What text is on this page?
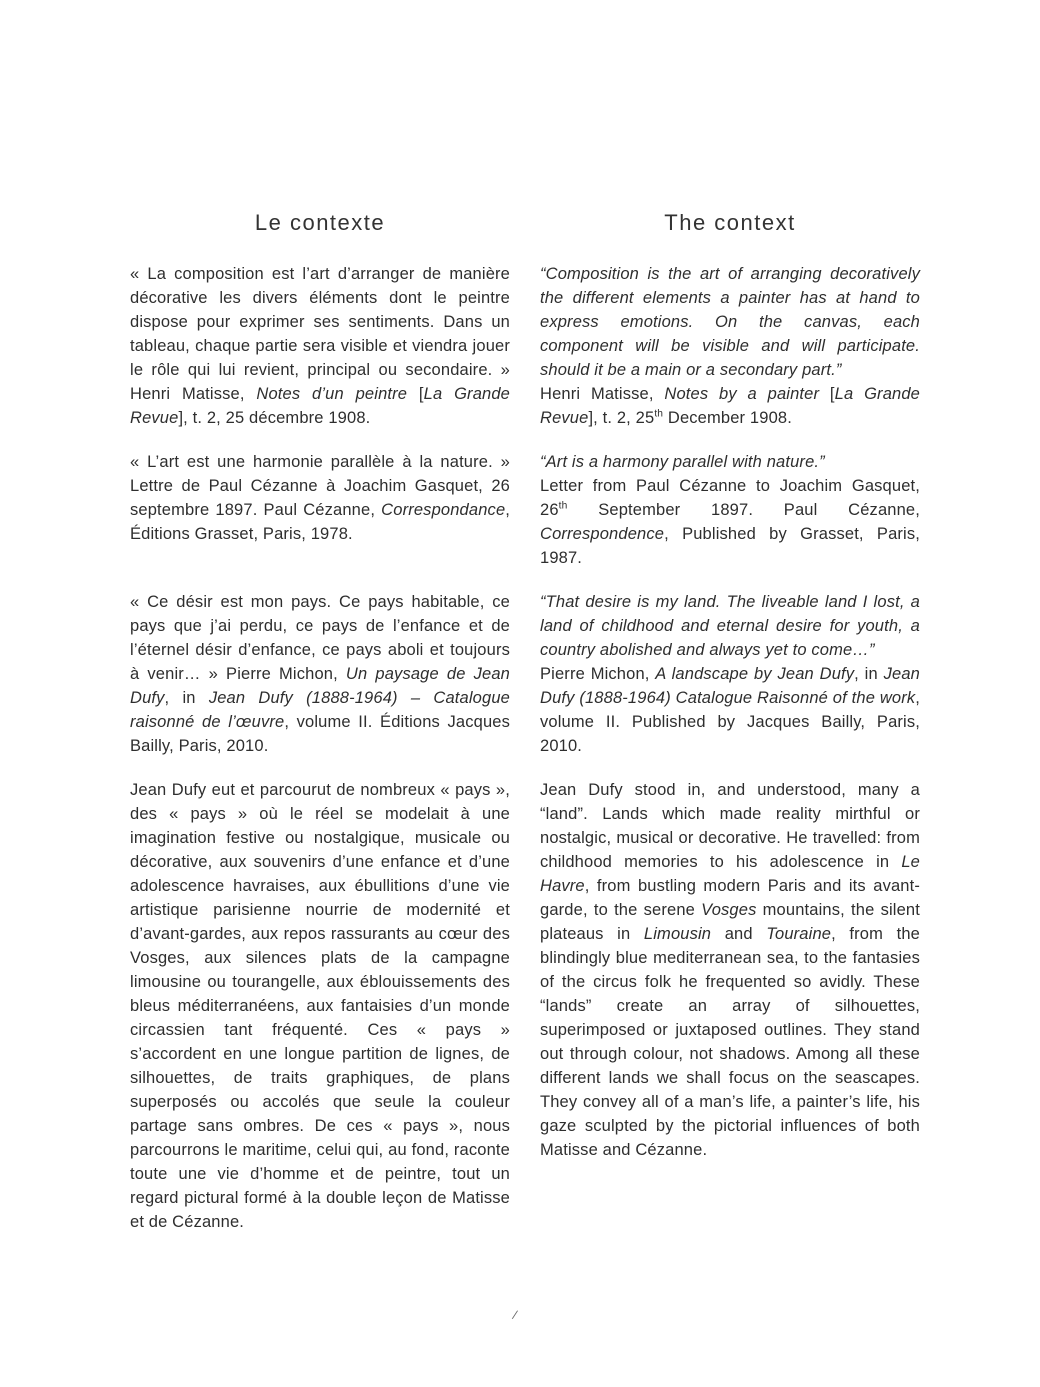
Le contexte	The context

« La composition est l’art d’arranger de manière décorative les divers éléments dont le peintre dispose pour exprimer ses sentiments. Dans un tableau, chaque partie sera visible et viendra jouer le rôle qui lui revient, principal ou secondaire. » Henri Matisse, Notes d’un peintre [La Grande Revue], t. 2, 25 décembre 1908.

“Composition is the art of arranging decoratively the different elements a painter has at hand to express emotions. On the canvas, each component will be visible and will participate. should it be a main or a secondary part.”
Henri Matisse, Notes by a painter [La Grande Revue], t. 2, 25th December 1908.

« L’art est une harmonie parallèle à la nature. » Lettre de Paul Cézanne à Joachim Gasquet, 26 septembre 1897. Paul Cézanne, Correspondance, Éditions Grasset, Paris, 1978.

“Art is a harmony parallel with nature.”
Letter from Paul Cézanne to Joachim Gasquet, 26th September 1897. Paul Cézanne, Correspondence, Published by Grasset, Paris, 1987.

« Ce désir est mon pays. Ce pays habitable, ce pays que j’ai perdu, ce pays de l’enfance et de l’éternel désir d’enfance, ce pays aboli et toujours à venir… » Pierre Michon, Un paysage de Jean Dufy, in Jean Dufy (1888-1964) – Catalogue raisonné de l’œuvre, volume II. Éditions Jacques Bailly, Paris, 2010.

“That desire is my land. The liveable land I lost, a land of childhood and eternal desire for youth, a country abolished and always yet to come…”
Pierre Michon, A landscape by Jean Dufy, in Jean Dufy (1888-1964) Catalogue Raisonné of the work, volume II. Published by Jacques Bailly, Paris, 2010.

Jean Dufy eut et parcourut de nombreux « pays », des « pays » où le réel se modelait à une imagination festive ou nostalgique, musicale ou décorative, aux souvenirs d’une enfance et d’une adolescence havraises, aux ébullitions d’une vie artistique parisienne nourrie de modernité et d’avant-gardes, aux repos rassurants au cœur des Vosges, aux silences plats de la campagne limousine ou tourangelle, aux éblouissements des bleus méditerranéens, aux fantaisies d’un monde circassien tant fréquenté. Ces « pays » s’accordent en une longue partition de lignes, de silhouettes, de traits graphiques, de plans superposés ou accolés que seule la couleur partage sans ombres. De ces « pays », nous parcourrons le maritime, celui qui, au fond, raconte toute une vie d’homme et de peintre, tout un regard pictural formé à la double leçon de Matisse et de Cézanne.

Jean Dufy stood in, and understood, many a “land”. Lands which made reality mirthful or nostalgic, musical or decorative. He travelled: from childhood memories to his adolescence in Le Havre, from bustling modern Paris and its avant-garde, to the serene Vosges mountains, the silent plateaus in Limousin and Touraine, from the blindingly blue mediterranean sea, to the fantasies of the circus folk he frequented so avidly. These “lands” create an array of silhouettes, superimposed or juxtaposed outlines. They stand out through colour, not shadows. Among all these different lands we shall focus on the seascapes. They convey all of a man’s life, a painter’s life, his gaze sculpted by the pictorial influences of both Matisse and Cézanne.

/
